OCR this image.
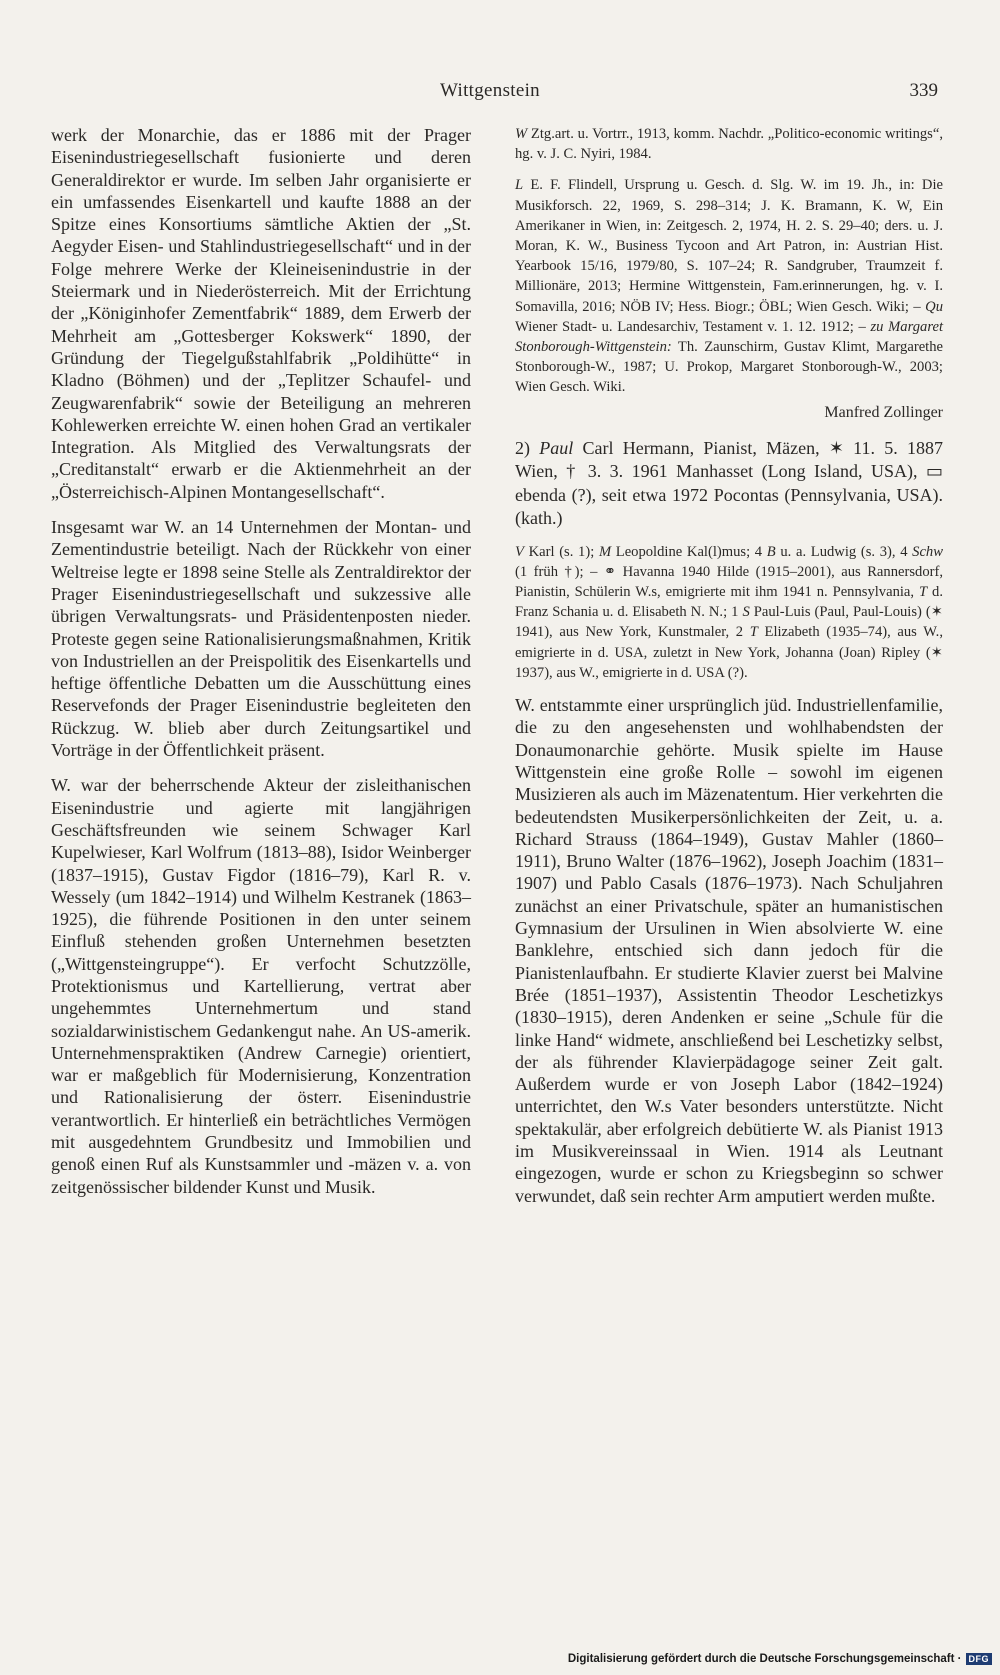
Wittgenstein	339

werk der Monarchie, das er 1886 mit der Prager Eisenindustriegesellschaft fusionierte und deren Generaldirektor er wurde. Im selben Jahr organisierte er ein umfassendes Eisenkartell und kaufte 1888 an der Spitze eines Konsortiums sämtliche Aktien der „St. Aegyder Eisen- und Stahlindustriegesellschaft“ und in der Folge mehrere Werke der Kleineisenindustrie in der Steiermark und in Niederösterreich. Mit der Errichtung der „Königinhofer Zementfabrik“ 1889, dem Erwerb der Mehrheit am „Gottesberger Kokswerk“ 1890, der Gründung der Tiegelgußstahlfabrik „Poldihütte“ in Kladno (Böhmen) und der „Teplitzer Schaufel- und Zeugwarenfabrik“ sowie der Beteiligung an mehreren Kohlewerken erreichte W. einen hohen Grad an vertikaler Integration. Als Mitglied des Verwaltungsrats der „Creditanstalt“ erwarb er die Aktienmehrheit an der „Österreichisch-Alpinen Montangesellschaft“.

Insgesamt war W. an 14 Unternehmen der Montan- und Zementindustrie beteiligt. Nach der Rückkehr von einer Weltreise legte er 1898 seine Stelle als Zentraldirektor der Prager Eisenindustriegesellschaft und sukzessive alle übrigen Verwaltungsrats- und Präsidentenposten nieder. Proteste gegen seine Rationalisierungsmaßnahmen, Kritik von Industriellen an der Preispolitik des Eisenkartells und heftige öffentliche Debatten um die Ausschüttung eines Reservefonds der Prager Eisenindustrie begleiteten den Rückzug. W. blieb aber durch Zeitungsartikel und Vorträge in der Öffentlichkeit präsent.

W. war der beherrschende Akteur der zisleithanischen Eisenindustrie und agierte mit langjährigen Geschäftsfreunden wie seinem Schwager Karl Kupelwieser, Karl Wolfrum (1813–88), Isidor Weinberger (1837–1915), Gustav Figdor (1816–79), Karl R. v. Wessely (um 1842–1914) und Wilhelm Kestranek (1863–1925), die führende Positionen in den unter seinem Einfluß stehenden großen Unternehmen besetzten („Wittgensteingruppe“). Er verfocht Schutzzölle, Protektionismus und Kartellierung, vertrat aber ungehemmtes Unternehmertum und stand sozialdarwinistischem Gedankengut nahe. An US-amerik. Unternehmenspraktiken (Andrew Carnegie) orientiert, war er maßgeblich für Modernisierung, Konzentration und Rationalisierung der österr. Eisenindustrie verantwortlich. Er hinterließ ein beträchtliches Vermögen mit ausgedehntem Grundbesitz und Immobilien und genoß einen Ruf als Kunstsammler und -mäzen v. a. von zeitgenössischer bildender Kunst und Musik.

W Ztg.art. u. Vortrr., 1913, komm. Nachdr. „Politico-economic writings“, hg. v. J. C. Nyiri, 1984.

L E. F. Flindell, Ursprung u. Gesch. d. Slg. W. im 19. Jh., in: Die Musikforsch. 22, 1969, S. 298–314; J. K. Bramann, K. W, Ein Amerikaner in Wien, in: Zeitgesch. 2, 1974, H. 2. S. 29–40; ders. u. J. Moran, K. W., Business Tycoon and Art Patron, in: Austrian Hist. Yearbook 15/16, 1979/80, S. 107–24; R. Sandgruber, Traumzeit f. Millionäre, 2013; Hermine Wittgenstein, Fam.erinnerungen, hg. v. I. Somavilla, 2016; NÖB IV; Hess. Biogr.; ÖBL; Wien Gesch. Wiki; – Qu Wiener Stadt- u. Landesarchiv, Testament v. 1. 12. 1912; – zu Margaret Stonborough-Wittgenstein: Th. Zaunschirm, Gustav Klimt, Margarethe Stonborough-W., 1987; U. Prokop, Margaret Stonborough-W., 2003; Wien Gesch. Wiki.

Manfred Zollinger

2) Paul Carl Hermann, Pianist, Mäzen, ✶ 11. 5. 1887 Wien, † 3. 3. 1961 Manhasset (Long Island, USA), ▭ ebenda (?), seit etwa 1972 Pocontas (Pennsylvania, USA). (kath.)

V Karl (s. 1); M Leopoldine Kal(l)mus; 4 B u. a. Ludwig (s. 3), 4 Schw (1 früh †); – ⚭ Havanna 1940 Hilde (1915–2001), aus Rannersdorf, Pianistin, Schülerin W.s, emigrierte mit ihm 1941 n. Pennsylvania, T d. Franz Schania u. d. Elisabeth N. N.; 1 S Paul-Luis (Paul, Paul-Louis) (✶ 1941), aus New York, Kunstmaler, 2 T Elizabeth (1935–74), aus W., emigrierte in d. USA, zuletzt in New York, Johanna (Joan) Ripley (✶ 1937), aus W., emigrierte in d. USA (?).

W. entstammte einer ursprünglich jüd. Industriellenfamilie, die zu den angesehensten und wohlhabendsten der Donaumonarchie gehörte. Musik spielte im Hause Wittgenstein eine große Rolle – sowohl im eigenen Musizieren als auch im Mäzenatentum. Hier verkehrten die bedeutendsten Musikerpersönlichkeiten der Zeit, u. a. Richard Strauss (1864–1949), Gustav Mahler (1860–1911), Bruno Walter (1876–1962), Joseph Joachim (1831–1907) und Pablo Casals (1876–1973). Nach Schuljahren zunächst an einer Privatschule, später an humanistischen Gymnasium der Ursulinen in Wien absolvierte W. eine Banklehre, entschied sich dann jedoch für die Pianistenlaufbahn. Er studierte Klavier zuerst bei Malvine Brée (1851–1937), Assistentin Theodor Leschetizkys (1830–1915), deren Andenken er seine „Schule für die linke Hand“ widmete, anschließend bei Leschetizky selbst, der als führender Klavierpädagoge seiner Zeit galt. Außerdem wurde er von Joseph Labor (1842–1924) unterrichtet, den W.s Vater besonders unterstützte. Nicht spektakulär, aber erfolgreich debütierte W. als Pianist 1913 im Musikvereinssaal in Wien. 1914 als Leutnant eingezogen, wurde er schon zu Kriegsbeginn so schwer verwundet, daß sein rechter Arm amputiert werden mußte.

Digitalisierung gefördert durch die Deutsche Forschungsgemeinschaft · DFG
